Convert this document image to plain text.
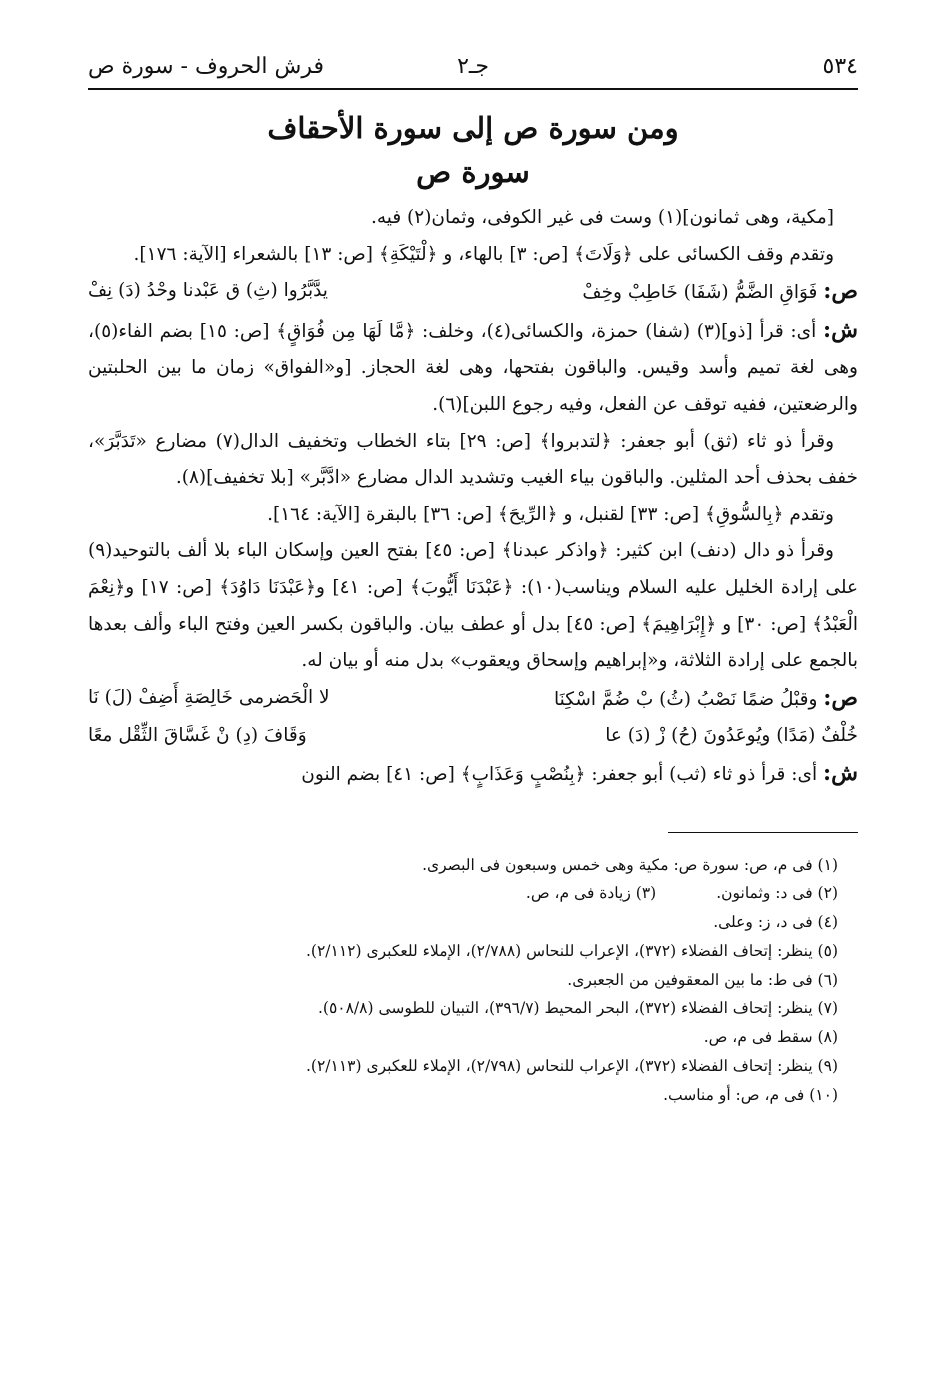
٥٣٤
جـ٢
فرش الحروف - سورة ص
ومن سورة ص إلى سورة الأحقاف
سورة ص

[مكية، وهى ثمانون](١) وست فى غير الكوفى، وثمان(٢) فيه.

وتقدم وقف الكسائى على ﴿وَلَاتَ﴾ [ص: ٣] بالهاء، و ﴿لْتَيْكَةِ﴾ [ص: ١٣] بالشعراء [الآية: ١٧٦].

ص: فَوَاقِ الضَّمُّ (شَفَا) خَاطِبْ وخِفْ
يدَّبَّرُوا (ثِ) ق عَبْدنا وحْدُ (دَ) نِفْ

ش: أى: قرأ [ذو](٣) (شفا) حمزة، والكسائى(٤)، وخلف: ﴿مَّا لَهَا مِن فُوَاقٍ﴾ [ص: ١٥] بضم الفاء(٥)، وهى لغة تميم وأسد وقيس. والباقون بفتحها، وهى لغة الحجاز. [و«الفواق» زمان ما بين الحلبتين والرضعتين، ففيه توقف عن الفعل، وفيه رجوع اللبن](٦).

وقرأ ذو ثاء (ثق) أبو جعفر: ﴿لتدبروا﴾ [ص: ٢٩] بتاء الخطاب وتخفيف الدال(٧) مضارع «تَدَبَّرَ»، خفف بحذف أحد المثلين. والباقون بياء الغيب وتشديد الدال مضارع «ادَّبَّر» [بلا تخفيف](٨).

وتقدم ﴿بِالسُّوقِ﴾ [ص: ٣٣] لقنبل، و ﴿الرِّيحَ﴾ [ص: ٣٦] بالبقرة [الآية: ١٦٤].

وقرأ ذو دال (دنف) ابن كثير: ﴿واذكر عبدنا﴾ [ص: ٤٥] بفتح العين وإسكان الباء بلا ألف بالتوحيد(٩) على إرادة الخليل عليه السلام ويناسب(١٠): ﴿عَبْدَنَا أَيُّوبَ﴾ [ص: ٤١] و﴿عَبْدَنَا دَاوُدَ﴾ [ص: ١٧] و﴿نِعْمَ الْعَبْدُ﴾ [ص: ٣٠] و ﴿إِبْرَاهِيمَ﴾ [ص: ٤٥] بدل أو عطف بيان. والباقون بكسر العين وفتح الباء وألف بعدها بالجمع على إرادة الثلاثة، و«إبراهيم وإسحاق ويعقوب» بدل منه أو بيان له.

ص: وقبْلُ ضمًا نَصْبُ (ثُ) بْ ضُمَّ اسْكِنَا
لا الْحَضرمى خَالِصَةِ أَضِفْ (لَ) نَا
خُلْفٌ (مَدًا) ويُوعَدُونَ (حُ) زْ (دَ) عا
وَقَافَ (دِ) نْ غَسَّاقَ الثِّقْل معًا

ش: أى: قرأ ذو ثاء (ثب) أبو جعفر: ﴿بِنُصْبٍ وَعَذَابٍ﴾ [ص: ٤١] بضم النون

(١) فى م، ص: سورة ص: مكية وهى خمس وسبعون فى البصرى.
(٢) فى د: وثمانون.(٣) زيادة فى م، ص.
(٤) فى د، ز: وعلى.
(٥) ينظر: إتحاف الفضلاء (٣٧٢)، الإعراب للنحاس (٢/٧٨٨)، الإملاء للعكبرى (٢/١١٢).
(٦) فى ط: ما بين المعقوفين من الجعبرى.
(٧) ينظر: إتحاف الفضلاء (٣٧٢)، البحر المحيط (٣٩٦/٧)، التبيان للطوسى (٥٠٨/٨).
(٨) سقط فى م، ص.
(٩) ينظر: إتحاف الفضلاء (٣٧٢)، الإعراب للنحاس (٢/٧٩٨)، الإملاء للعكبرى (٢/١١٣).
(١٠) فى م، ص: أو مناسب.
